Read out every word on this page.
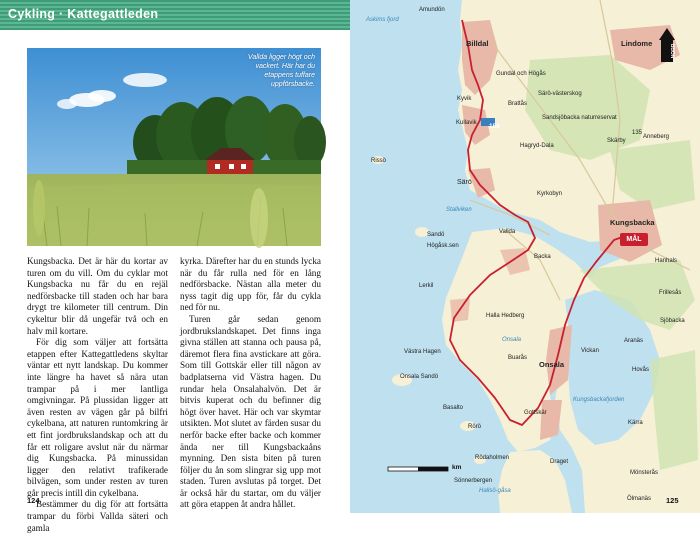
Cykling · Kattegattleden
Vallda ligger högt och vackert. Här har du etappens tuffare uppförsbacke.

Kungsbacka. Det är här du kortar av turen om du vill. Om du cyklar mot Kungsbacka nu får du en rejäl nedförsbacke till staden och har bara drygt tre kilometer till centrum. Din cykeltur blir då ungefär två och en halv mil kortare.

För dig som väljer att fortsätta etappen efter Kattegattledens skyltar väntar ett nytt landskap. Du kommer inte längre ha havet så nära utan trampar på i mer lantliga omgivningar. På plussidan ligger att även resten av vägen går på bilfri cykelbana, att naturen runtomkring är ett fint jordbrukslandskap och att du får ett roligare avslut när du närmar dig Kungsbacka. På minussidan ligger den relativt trafikerade bilvägen, som under resten av turen går precis intill din cykelbana.

Bestämmer du dig för att fortsätta trampar du förbi Vallda säteri och gamla

kyrka. Därefter har du en stunds lycka när du får rulla ned för en lång nedförsbacke. Nästan alla meter du nyss tagit dig upp för, får du cykla ned för nu.

Turen går sedan genom jordbrukslandskapet. Det finns inga givna ställen att stanna och pausa på, däremot flera fina avstickare att göra. Som till Gottskär eller till någon av badplatserna vid Västra hagen. Du rundar hela Onsalahalvön. Det är bitvis kuperat och du befinner dig högt över havet. Här och var skymtar utsikten. Mot slutet av färden susar du nerför backe efter backe och kommer ända ner till Kungsbackaåns mynning. Den sista biten på turen följer du ån som slingrar sig upp mot staden. Turen avslutas på torget. Det är också här du startar, om du väljer att göra etappen åt andra hållet.

124
NORR
Askims fjord
Amundön
Billdal	Lindome
Gundal och Högås
Kyvik
Brattås
Särö-västerskog
Kullavik
Sandsjöbacka naturreservat
135
Hagryd-Dala
Anneberg
Skärby
Rissö
Särö
Kyrkobyn
Stallviken
Vallda
Kungsbacka
Sandö
Högåsk.sen
Backa
Lerkil
Hanhals
Frillesås
Halla Hedberg
Onsala
Västra Hagen
Buarås
Vickan
Aranäs
Sjöbacka
Onsala
Onsala Sandö
Kungsbackafjorden
Hovås
Basalto
Gottskär
Kärra
Rörö
Rödaholmen
Draget
Sönnerbergen
Hallsö-gåsa
Ölmanäs
Mönsterås
158
MÅL
km
125
